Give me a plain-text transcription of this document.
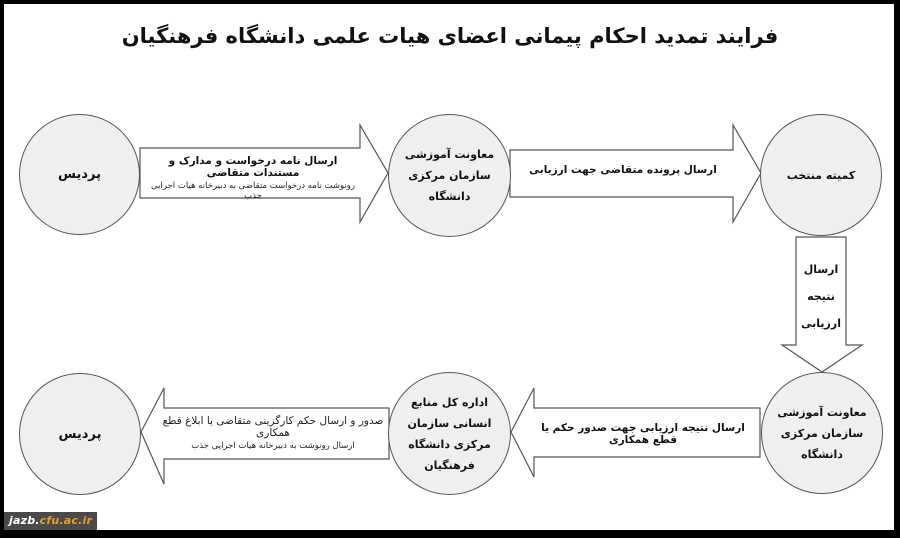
فرایند تمدید احکام پیمانی اعضای هیات علمی دانشگاه فرهنگیان
پردیس
معاونت آموزشی
سازمان مرکزی
دانشگاه
کمیته منتخب
معاونت آموزشی
سازمان مرکزی
دانشگاه
اداره کل منابع
انسانی سازمان
مرکزی دانشگاه
فرهنگیان
پردیس
ارسال نامه درخواست و مدارک و مستندات متقاضی
رونوشت نامه درخواست متقاضی به دبیرخانه هیات اجرایی جذب
ارسال پرونده متقاضی جهت ارزیابی
ارسال
نتیجه
ارزیابی
ارسال نتیجه ارزیابی جهت صدور حکم یا قطع همکاری
صدور و ارسال حکم کارگزینی متقاضی یا ابلاغ قطع همکاری
ارسال رونوشت به دبیرخانه هیات اجرایی جذب
jazb.cfu.ac.ir
